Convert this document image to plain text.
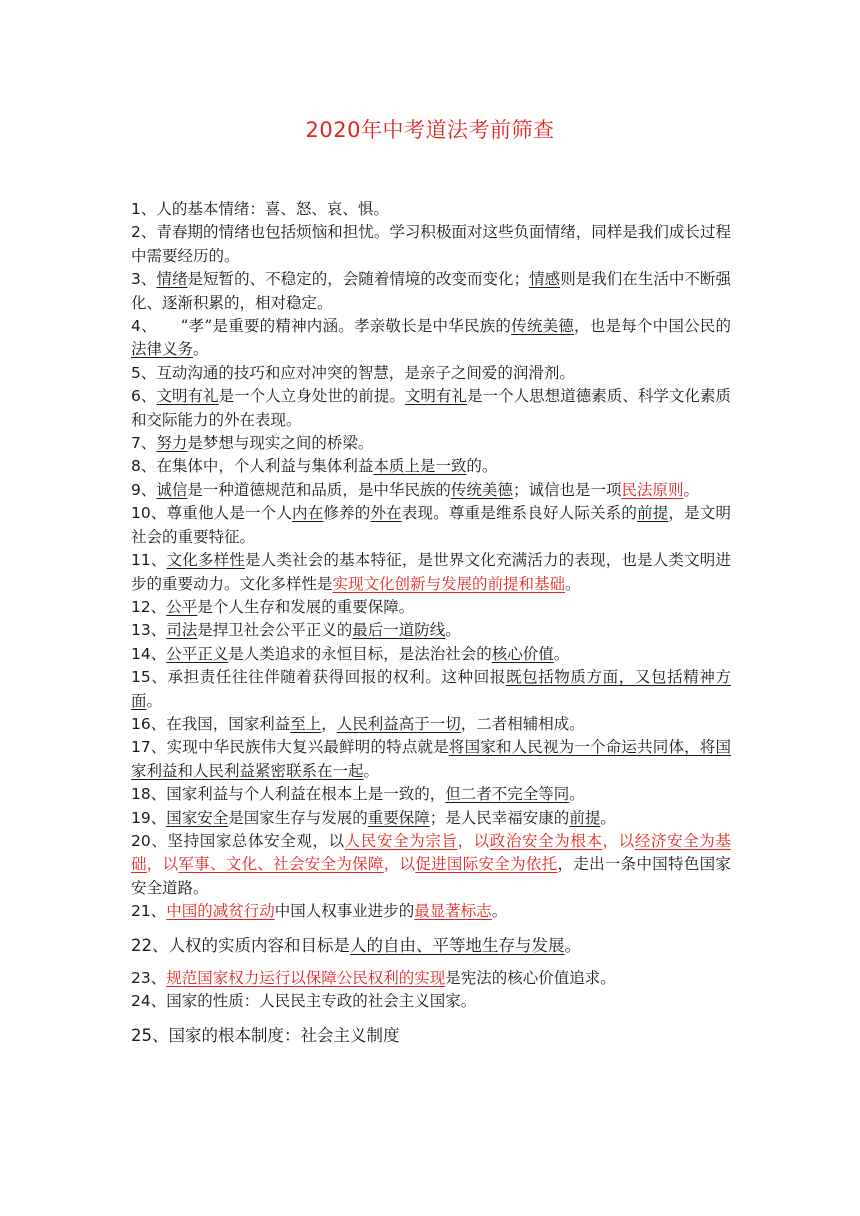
2020年中考道法考前筛查

1、人的基本情绪：喜、怒、哀、惧。

2、青春期的情绪也包括烦恼和担忧。学习积极面对这些负面情绪，同样是我们成长过程中需要经历的。

3、情绪是短暂的、不稳定的，会随着情境的改变而变化；情感则是我们在生活中不断强化、逐渐积累的，相对稳定。

4、　　“孝”是重要的精神内涵。孝亲敬长是中华民族的传统美德，也是每个中国公民的法律义务。

5、互动沟通的技巧和应对冲突的智慧，是亲子之间爱的润滑剂。

6、文明有礼是一个人立身处世的前提。文明有礼是一个人思想道德素质、科学文化素质和交际能力的外在表现。

7、努力是梦想与现实之间的桥梁。

8、在集体中，个人利益与集体利益本质上是一致的。

9、诚信是一种道德规范和品质，是中华民族的传统美德；诚信也是一项民法原则。

10、尊重他人是一个人内在修养的外在表现。尊重是维系良好人际关系的前提，是文明社会的重要特征。

11、文化多样性是人类社会的基本特征，是世界文化充满活力的表现，也是人类文明进步的重要动力。文化多样性是实现文化创新与发展的前提和基础。

12、公平是个人生存和发展的重要保障。

13、司法是捍卫社会公平正义的最后一道防线。

14、公平正义是人类追求的永恒目标，是法治社会的核心价值。

15、承担责任往往伴随着获得回报的权利。这种回报既包括物质方面，又包括精神方面。

16、在我国，国家利益至上，人民利益高于一切，二者相辅相成。

17、实现中华民族伟大复兴最鲜明的特点就是将国家和人民视为一个命运共同体，将国家利益和人民利益紧密联系在一起。

18、国家利益与个人利益在根本上是一致的，但二者不完全等同。

19、国家安全是国家生存与发展的重要保障；是人民幸福安康的前提。

20、坚持国家总体安全观，以人民安全为宗旨，以政治安全为根本，以经济安全为基础，以军事、文化、社会安全为保障，以促进国际安全为依托，走出一条中国特色国家安全道路。

21、中国的减贫行动中国人权事业进步的最显著标志。

22、人权的实质内容和目标是人的自由、平等地生存与发展。

23、规范国家权力运行以保障公民权利的实现是宪法的核心价值追求。

24、国家的性质：人民民主专政的社会主义国家。

25、国家的根本制度：社会主义制度
